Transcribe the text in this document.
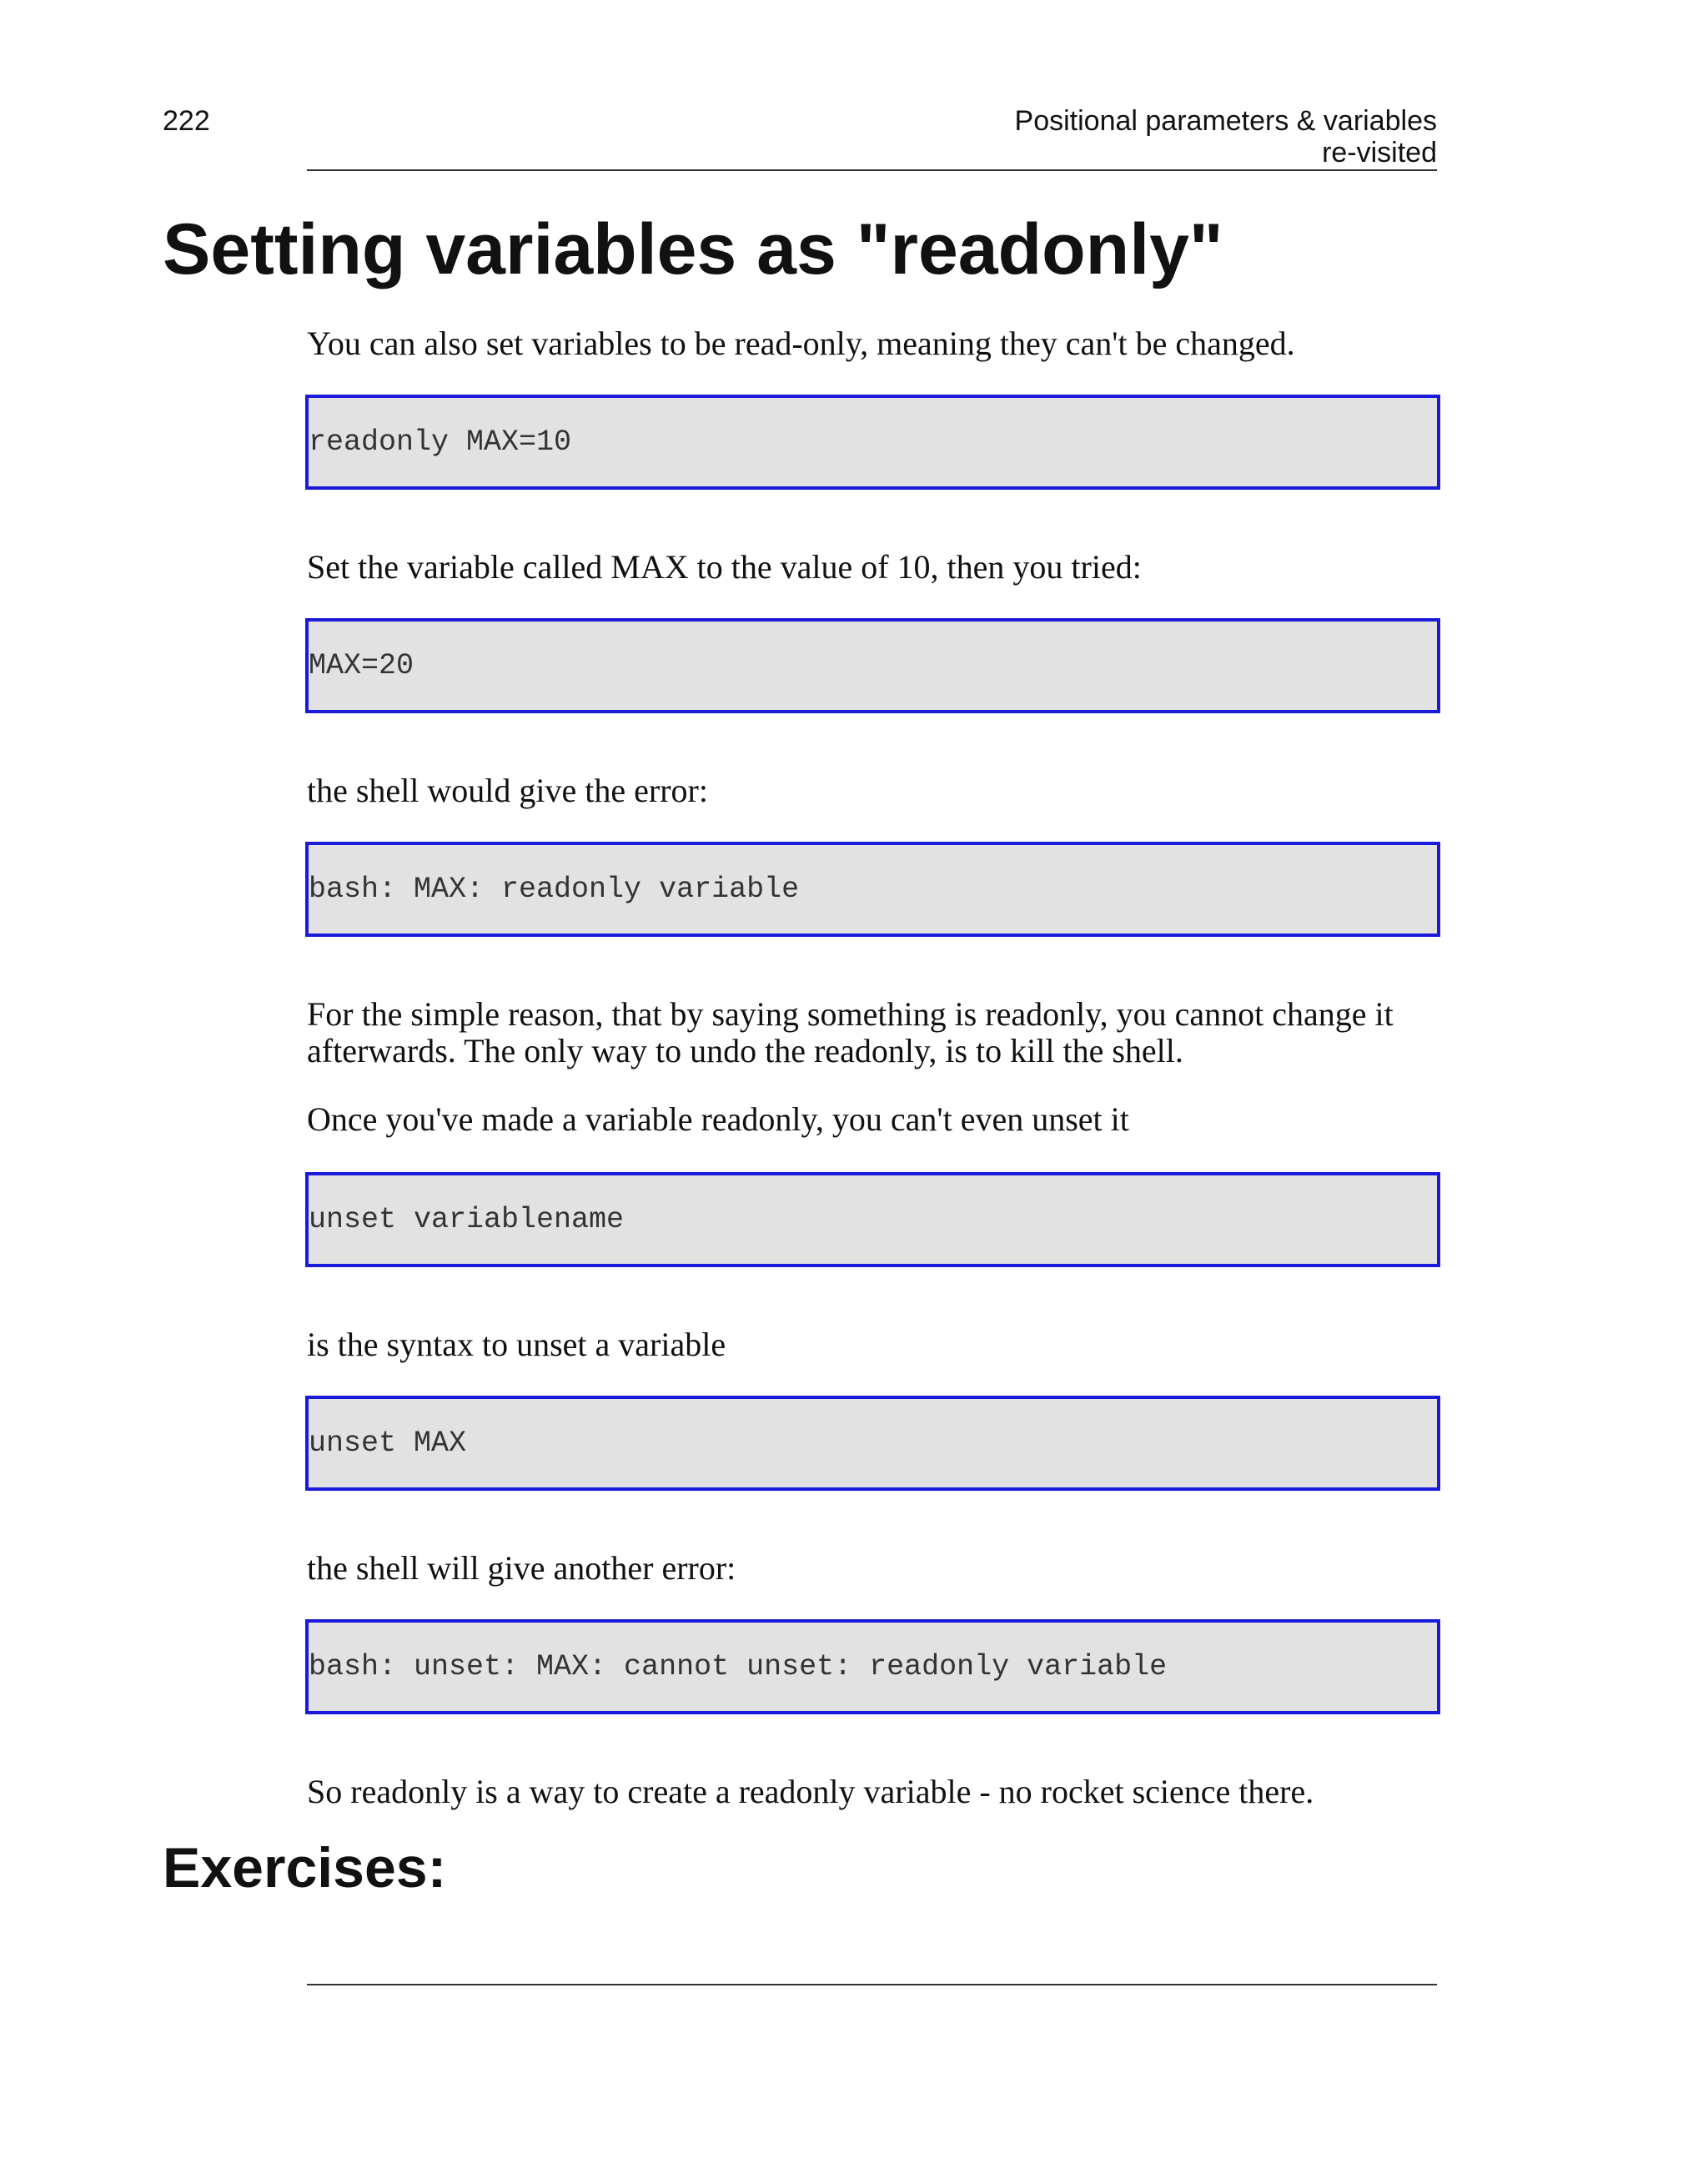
222	Positional parameters & variables
re-visited
Setting variables as "readonly"

You can also set variables to be read-only, meaning they can't be changed.

readonly MAX=10

Set the variable called MAX to the value of 10, then you tried:

MAX=20

the shell would give the error:

bash: MAX: readonly variable

For the simple reason, that by saying something is readonly, you cannot change it afterwards. The only way to undo the readonly, is to kill the shell.

Once you've made a variable readonly, you can't even unset it

unset variablename

is the syntax to unset a variable

unset MAX

the shell will give another error:

bash: unset: MAX: cannot unset: readonly variable

So readonly is a way to create a readonly variable - no rocket science there.

Exercises:
